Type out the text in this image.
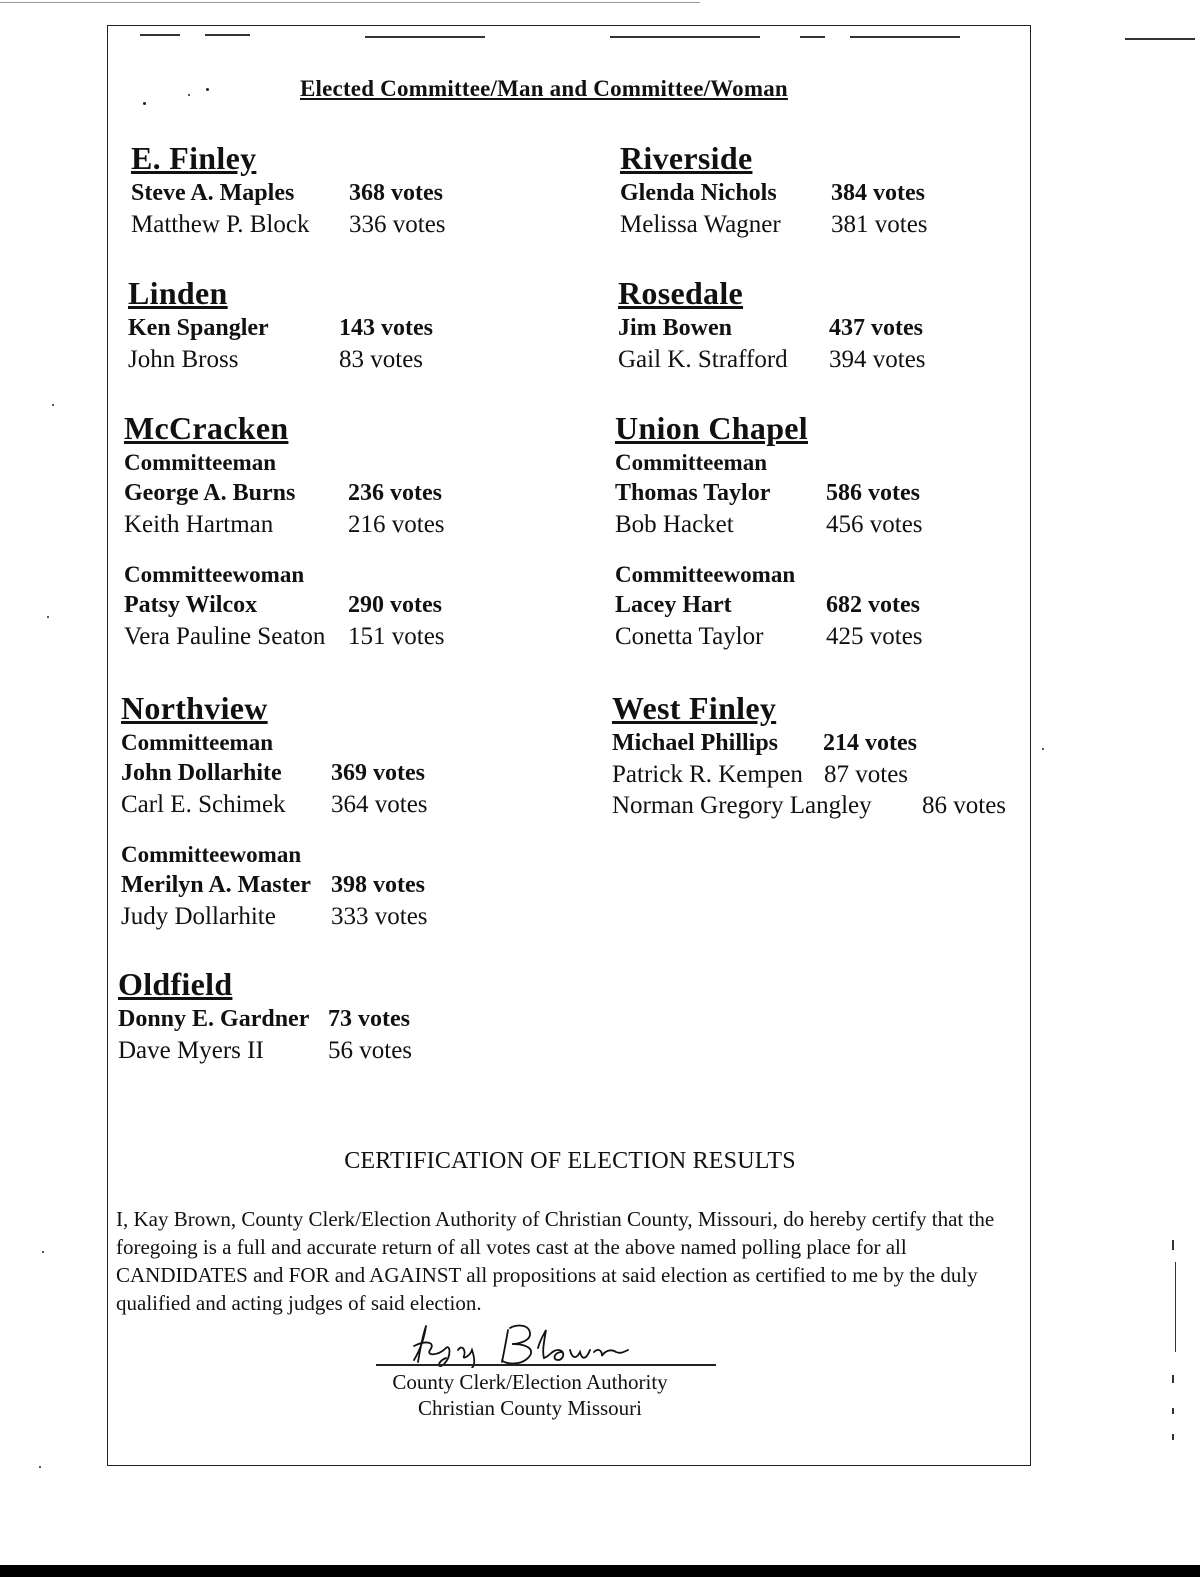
Elected Committee/Man and Committee/Woman
E. Finley
Steve A. Maples	368 votes
Matthew P. Block	336 votes
Riverside
Glenda Nichols	384 votes
Melissa Wagner	381 votes
Linden
Ken Spangler	143 votes
John Bross	83 votes
Rosedale
Jim Bowen	437 votes
Gail K. Strafford	394 votes
McCracken
Committeeman
George A. Burns	236 votes
Keith Hartman	216 votes
Committeewoman
Patsy Wilcox	290 votes
Vera Pauline Seaton 151 votes
Union Chapel
Committeeman
Thomas Taylor	586 votes
Bob Hacket	456 votes
Committeewoman
Lacey Hart	682 votes
Conetta Taylor	425 votes
Northview
Committeeman
John Dollarhite	369 votes
Carl E. Schimek	364 votes
Committeewoman
Merilyn A. Master 398 votes
Judy Dollarhite	333 votes
West Finley
Michael Phillips	214 votes
Patrick R. Kempen 87 votes
Norman Gregory Langley	86 votes
Oldfield
Donny E. Gardner 73 votes
Dave Myers II	56 votes
CERTIFICATION OF ELECTION RESULTS

I, Kay Brown, County Clerk/Election Authority of Christian County, Missouri, do hereby certify that the foregoing is a full and accurate return of all votes cast at the above named polling place for all CANDIDATES and FOR and AGAINST all propositions at said election as certified to me by the duly qualified and acting judges of said election.

County Clerk/Election Authority
Christian County Missouri
